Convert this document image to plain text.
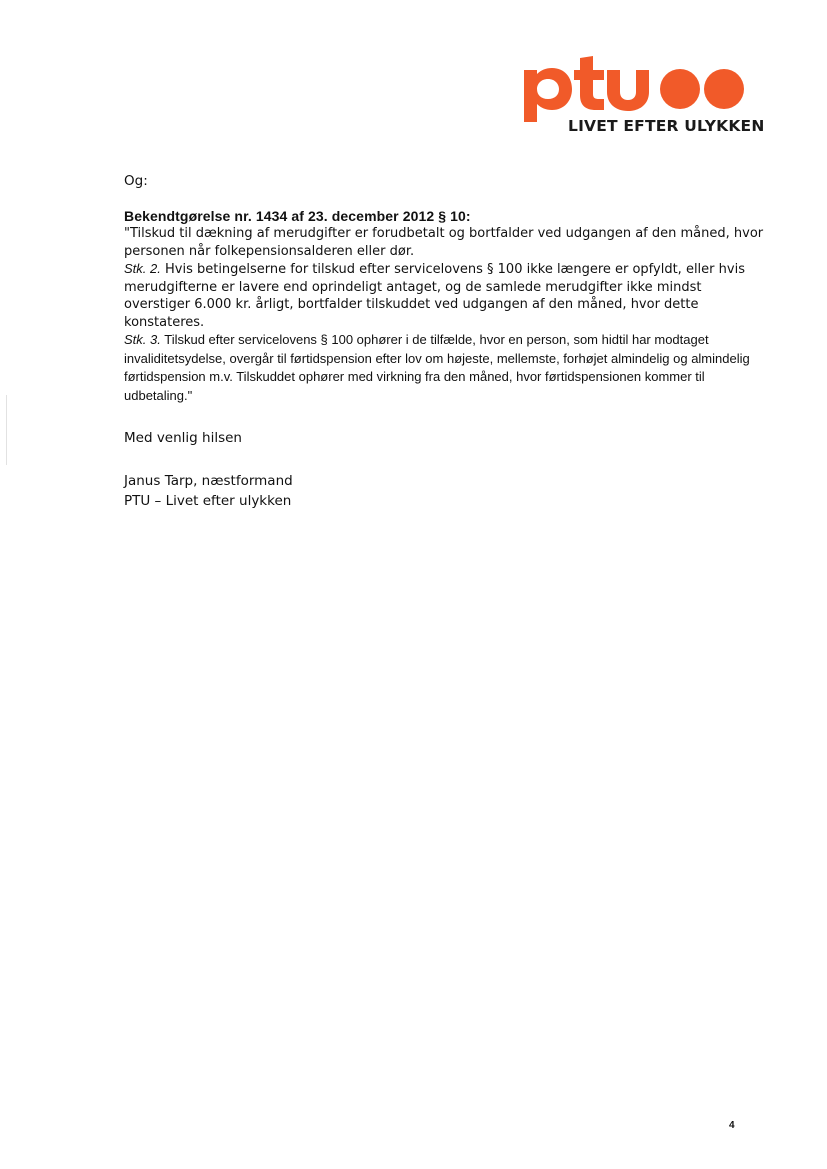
LIVET EFTER ULYKKEN

Og:

Bekendtgørelse nr. 1434 af 23. december 2012 § 10:

"Tilskud til dækning af merudgifter er forudbetalt og bortfalder ved udgangen af den måned, hvor personen når folkepensionsalderen eller dør.

Stk. 2. Hvis betingelserne for tilskud efter servicelovens § 100 ikke længere er opfyldt, eller hvis merudgifterne er lavere end oprindeligt antaget, og de samlede merudgifter ikke mindst overstiger 6.000 kr. årligt, bortfalder tilskuddet ved udgangen af den måned, hvor dette konstateres.

Stk. 3. Tilskud efter servicelovens § 100 ophører i de tilfælde, hvor en person, som hidtil har modtaget invaliditetsydelse, overgår til førtidspension efter lov om højeste, mellemste, forhøjet almindelig og almindelig førtidspension m.v. Tilskuddet ophører med virkning fra den måned, hvor førtidspensionen kommer til udbetaling."

Med venlig hilsen

Janus Tarp, næstformand
PTU – Livet efter ulykken
4
